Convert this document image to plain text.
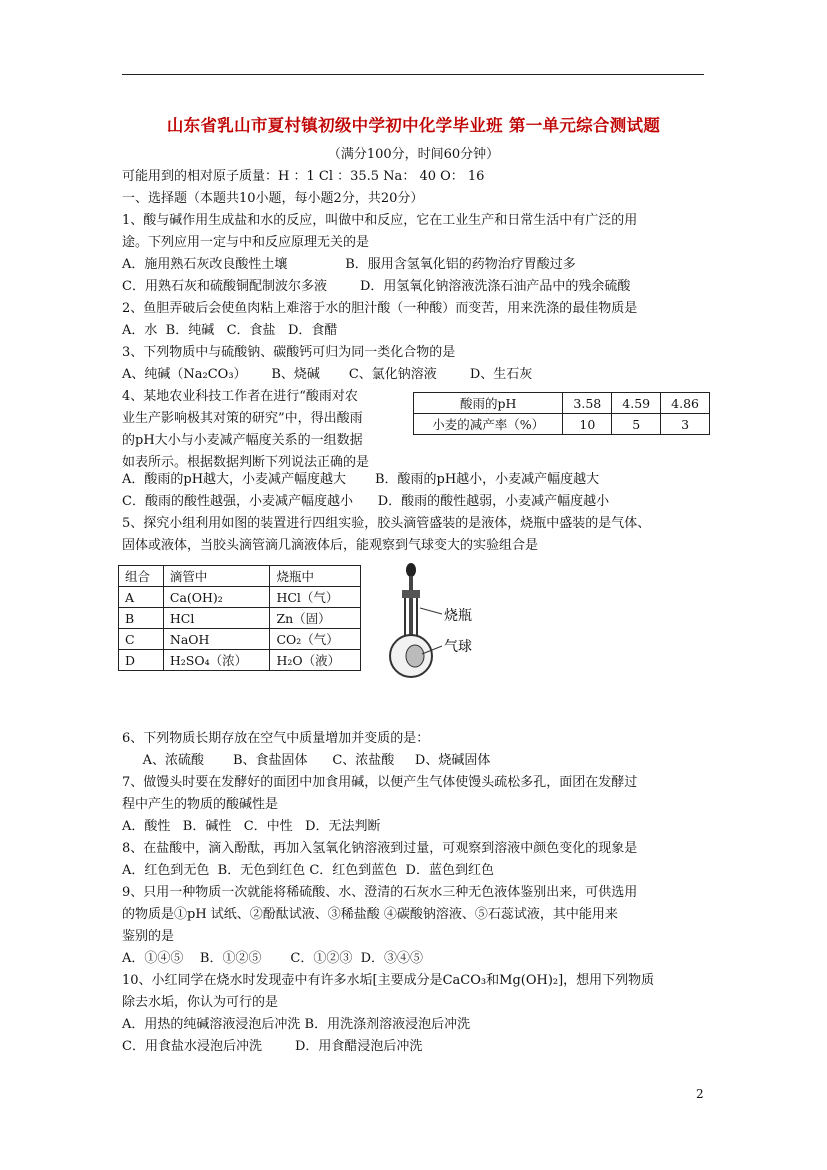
山东省乳山市夏村镇初级中学初中化学毕业班 第一单元综合测试题
（满分100分，时间60分钟）
可能用到的相对原子质量：H ：1 Cl ：35.5 Na： 40 O： 16
一、选择题（本题共10小题，每小题2分，共20分）
1、酸与碱作用生成盐和水的反应，叫做中和反应，它在工业生产和日常生活中有广泛的用
途。下列应用一定与中和反应原理无关的是
A．施用熟石灰改良酸性土壤              B．服用含氢氧化铝的药物治疗胃酸过多
C．用熟石灰和硫酸铜配制波尔多液        D．用氢氧化钠溶液洗涤石油产品中的残余硫酸
2、鱼胆弄破后会使鱼肉粘上难溶于水的胆汁酸（一种酸）而变苦，用来洗涤的最佳物质是
A．水  B．纯碱   C．食盐   D．食醋
3、下列物质中与硫酸钠、碳酸钙可归为同一类化合物的是
A、纯碱（Na₂CO₃）      B、烧碱       C、氯化钠溶液        D、生石灰
4、某地农业科技工作者在进行“酸雨对农
业生产影响极其对策的研究”中，得出酸雨
的pH大小与小麦减产幅度关系的一组数据
如表所示。根据数据判断下列说法正确的是
酸雨的pH	3.58	4.59	4.86
小麦的减产率（%）	10	5	3
A．酸雨的pH越大，小麦减产幅度越大       B．酸雨的pH越小，小麦减产幅度越大
C．酸雨的酸性越强，小麦减产幅度越小      D．酸雨的酸性越弱，小麦减产幅度越小
5、探究小组利用如图的装置进行四组实验，胶头滴管盛装的是液体，烧瓶中盛装的是气体、
固体或液体，当胶头滴管滴几滴液体后，能观察到气球变大的实验组合是
组合	滴管中	烧瓶中
A	Ca(OH)₂	HCl（气）
B	HCl	Zn（固）
C	NaOH	CO₂（气）
D	H₂SO₄（浓）	H₂O（液）
烧瓶
气球
6、下列物质长期存放在空气中质量增加并变质的是：
A、浓硫酸       B、食盐固体      C、浓盐酸     D、烧碱固体
7、做馒头时要在发酵好的面团中加食用碱，以便产生气体使馒头疏松多孔，面团在发酵过
程中产生的物质的酸碱性是
A．酸性   B．碱性   C．中性   D．无法判断
8、在盐酸中，滴入酚酞，再加入氢氧化钠溶液到过量，可观察到溶液中颜色变化的现象是
A．红色到无色  B．无色到红色 C．红色到蓝色  D．蓝色到红色
9、只用一种物质一次就能将稀硫酸、水、澄清的石灰水三种无色液体鉴别出来，可供选用
的物质是①pH 试纸、②酚酞试液、③稀盐酸 ④碳酸钠溶液、⑤石蕊试液，其中能用来
鉴别的是
A．①④⑤    B．①②⑤       C．①②③  D．③④⑤
10、小红同学在烧水时发现壶中有许多水垢[主要成分是CaCO₃和Mg(OH)₂]，想用下列物质
除去水垢，你认为可行的是
A．用热的纯碱溶液浸泡后冲洗 B．用洗涤剂溶液浸泡后冲洗
C．用食盐水浸泡后冲洗        D．用食醋浸泡后冲洗
2
